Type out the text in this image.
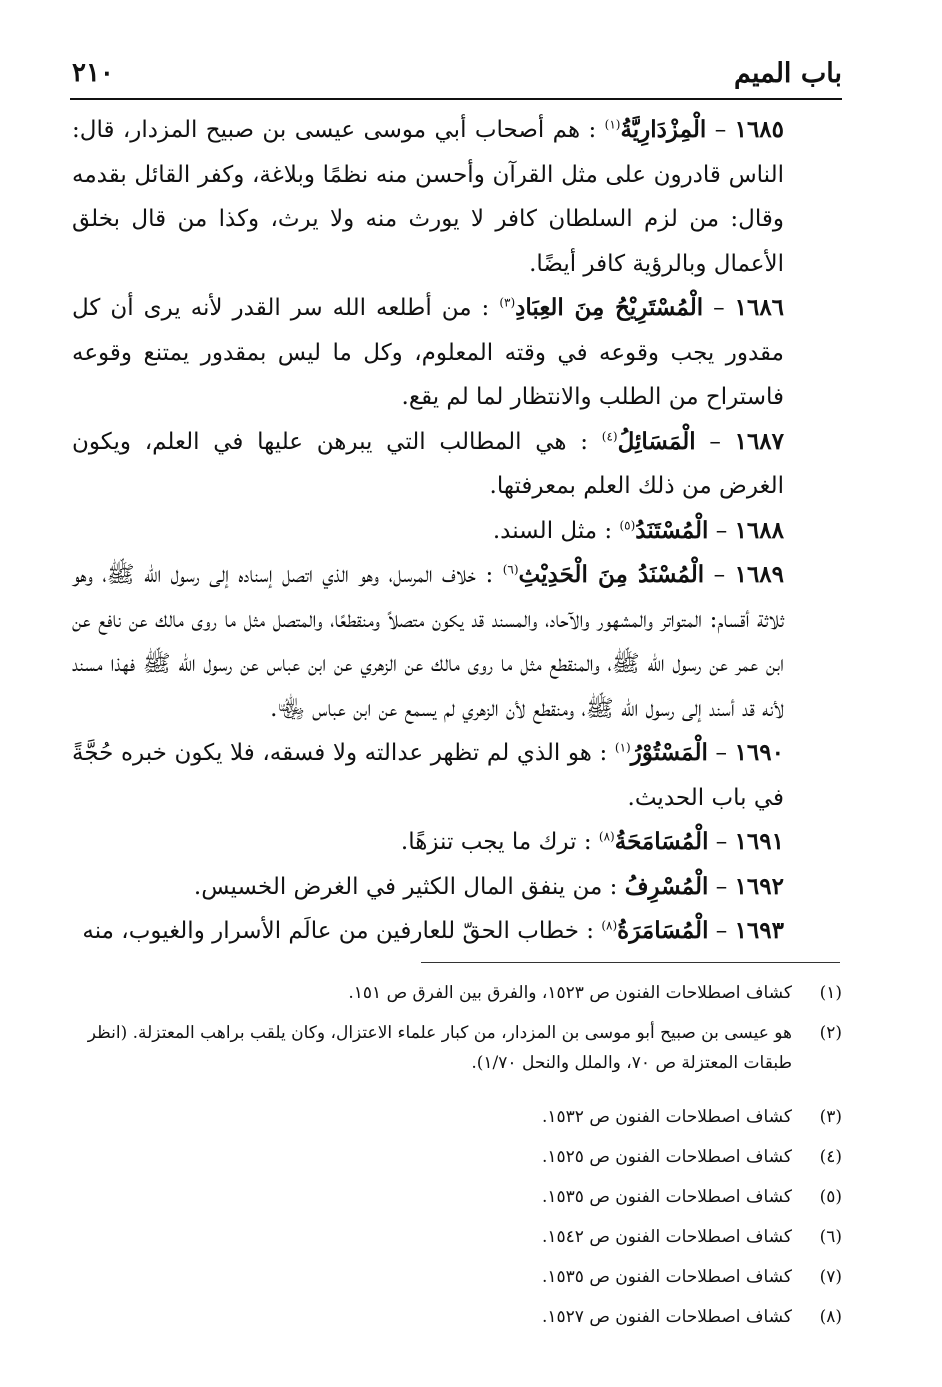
باب الميم
٢١٠

١٦٨٥ – الْمِزْدَارِيَّةُ$^{(١)}$ : هم أصحاب أبي موسى عيسى بن صبيح المزدار، قال: الناس قادرون على مثل القرآن وأحسن منه نظمًا وبلاغة، وكفر القائل بقدمه وقال: من لزم السلطان كافر لا يورث منه ولا يرث، وكذا من قال بخلق الأعمال وبالرؤية كافر أيضًا.

١٦٨٦ – الْمُسْتَرِيْحُ مِنَ العِبَادِ$^{(٣)}$ : من أطلعه الله سر القدر لأنه يرى أن كل مقدور يجب وقوعه في وقته المعلوم، وكل ما ليس بمقدور يمتنع وقوعه فاستراح من الطلب والانتظار لما لم يقع.

١٦٨٧ – الْمَسَائِلُ$^{(٤)}$ : هي المطالب التي يبرهن عليها في العلم، ويكون الغرض من ذلك العلم بمعرفتها.

١٦٨٨ – الْمُسْتَنَدُ$^{(٥)}$ : مثل السند.

١٦٨٩ – الْمُسْنَدُ مِنَ الْحَدِيْثِ$^{(٦)}$ : خلاف المرسل، وهو الذي اتصل إسناده إلى رسول الله ﷺ، وهو ثلاثة أقسام: المتواتر والمشهور والآحاد، والمسند قد يكون متصلاً ومنقطعًا، والمتصل مثل ما روى مالك عن نافع عن ابن عمر عن رسول الله ﷺ، والمنقطع مثل ما روى مالك عن الزهري عن ابن عباس عن رسول الله ﷺ فهذا مسند لأنه قد أسند إلى رسول الله ﷺ، ومنقطع لأن الزهري لم يسمع عن ابن عباس ﵄.

١٦٩٠ – الْمَسْتُوْرُ$^{(١)}$ : هو الذي لم تظهر عدالته ولا فسقه، فلا يكون خبره حُجَّةً في باب الحديث.

١٦٩١ – الْمُسَامَحَةُ$^{(٨)}$ : ترك ما يجب تنزهًا.

١٦٩٢ – الْمُسْرِفُ : من ينفق المال الكثير في الغرض الخسيس.

١٦٩٣ – الْمُسَامَرَةُ$^{(٨)}$ : خطاب الحقّ للعارفين من عالَم الأسرار والغيوب، منه

(١)
كشاف اصطلاحات الفنون ص ١٥٢٣، والفرق بين الفرق ص ١٥١.
(٢)
هو عيسى بن صبيح أبو موسى بن المزدار، من كبار علماء الاعتزال، وكان يلقب براهب المعتزلة. (انظر طبقات المعتزلة ص ٧٠، والملل والنحل ١/٧٠).
(٣)
كشاف اصطلاحات الفنون ص ١٥٣٢.
(٤)
كشاف اصطلاحات الفنون ص ١٥٢٥.
(٥)
كشاف اصطلاحات الفنون ص ١٥٣٥.
(٦)
كشاف اصطلاحات الفنون ص ١٥٤٢.
(٧)
كشاف اصطلاحات الفنون ص ١٥٣٥.
(٨)
كشاف اصطلاحات الفنون ص ١٥٢٧.
